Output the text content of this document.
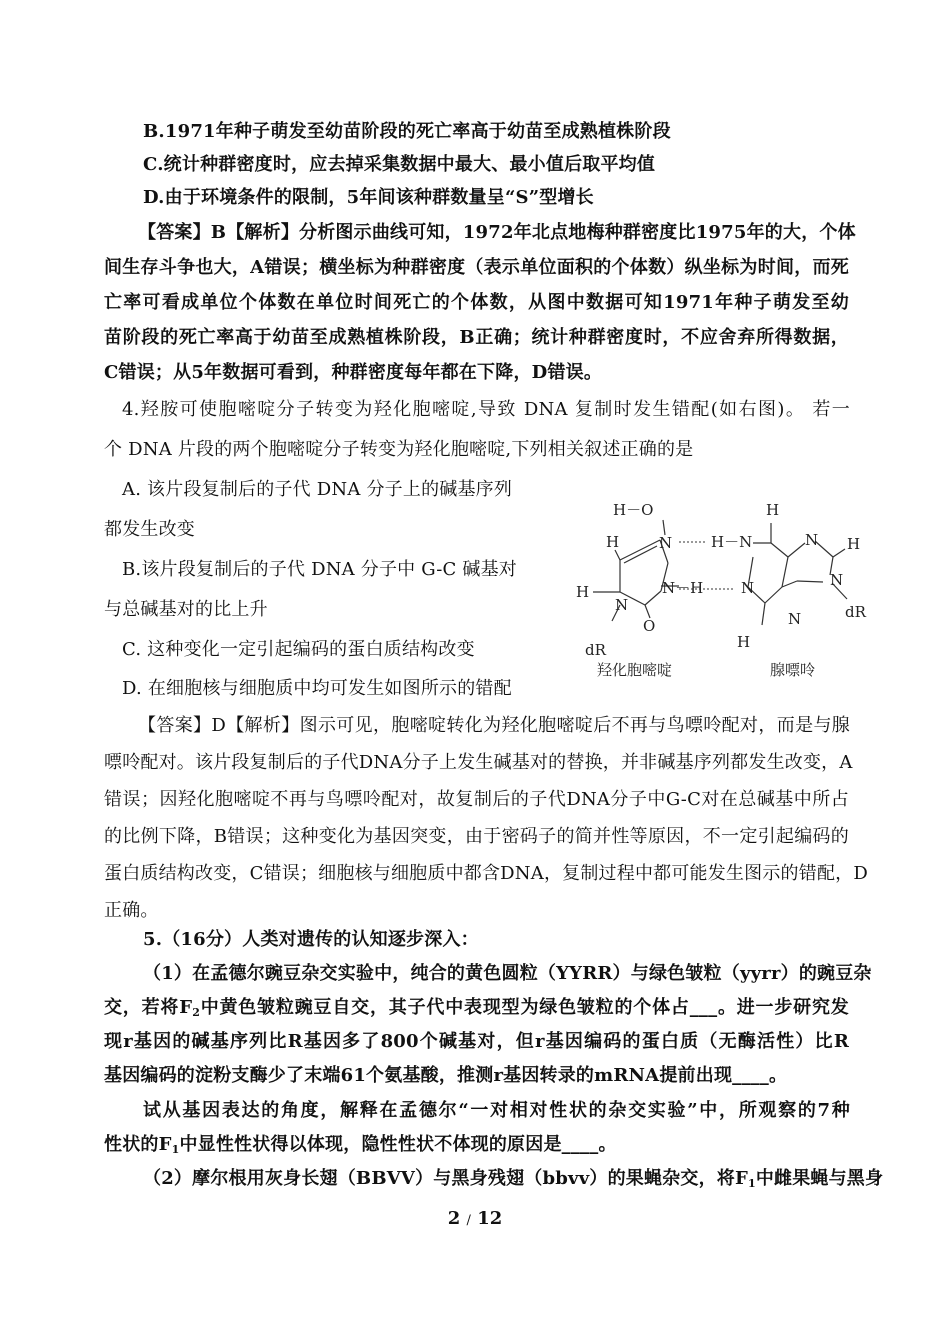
B.1971年种子萌发至幼苗阶段的死亡率高于幼苗至成熟植株阶段
C.统计种群密度时，应去掉采集数据中最大、最小值后取平均值
D.由于环境条件的限制，5年间该种群数量呈“S”型增长
【答案】B【解析】分析图示曲线可知，1972年北点地梅种群密度比1975年的大，个体
间生存斗争也大，A错误；横坐标为种群密度（表示单位面积的个体数）纵坐标为时间，而死
亡率可看成单位个体数在单位时间死亡的个体数，从图中数据可知1971年种子萌发至幼
苗阶段的死亡率高于幼苗至成熟植株阶段，B正确；统计种群密度时，不应舍弃所得数据，
C错误；从5年数据可看到，种群密度每年都在下降，D错误。
4.羟胺可使胞嘧啶分子转变为羟化胞嘧啶,导致 DNA 复制时发生错配(如右图)。 若一
个 DNA 片段的两个胞嘧啶分子转变为羟化胞嘧啶,下列相关叙述正确的是
A. 该片段复制后的子代 DNA 分子上的碱基序列
都发生改变
B.该片段复制后的子代 DNA 分子中 G-C 碱基对
与总碱基对的比上升
C. 这种变化一定引起编码的蛋白质结构改变
D. 在细胞核与细胞质中均可发生如图所示的错配
H－O
N
H
H
N
O
N－H
dR
H
H－N	N H
N
N
N	dR
H
羟化胞嘧啶	腺嘌呤
【答案】D【解析】图示可见，胞嘧啶转化为羟化胞嘧啶后不再与鸟嘌呤配对，而是与腺
嘌呤配对。该片段复制后的子代DNA分子上发生碱基对的替换，并非碱基序列都发生改变，A
错误；因羟化胞嘧啶不再与鸟嘌呤配对，故复制后的子代DNA分子中G-C对在总碱基中所占
的比例下降，B错误；这种变化为基因突变，由于密码子的简并性等原因，不一定引起编码的
蛋白质结构改变，C错误；细胞核与细胞质中都含DNA，复制过程中都可能发生图示的错配，D
正确。
5.（16分）人类对遗传的认知逐步深入：
（1）在孟德尔豌豆杂交实验中，纯合的黄色圆粒（YYRR）与绿色皱粒（yyrr）的豌豆杂
交，若将$F_2$中黄色皱粒豌豆自交，其子代中表现型为绿色皱粒的个体占___。进一步研究发
现r基因的碱基序列比R基因多了800个碱基对，但r基因编码的蛋白质（无酶活性）比R
基因编码的淀粉支酶少了末端61个氨基酸，推测r基因转录的mRNA提前出现____。
试从基因表达的角度，解释在孟德尔“一对相对性状的杂交实验”中，所观察的7种
性状的$F_1$中显性性状得以体现，隐性性状不体现的原因是____。
（2）摩尔根用灰身长翅（BBVV）与黑身残翅（bbvv）的果蝇杂交，将$F_1$中雌果蝇与黑身
2 / 12
